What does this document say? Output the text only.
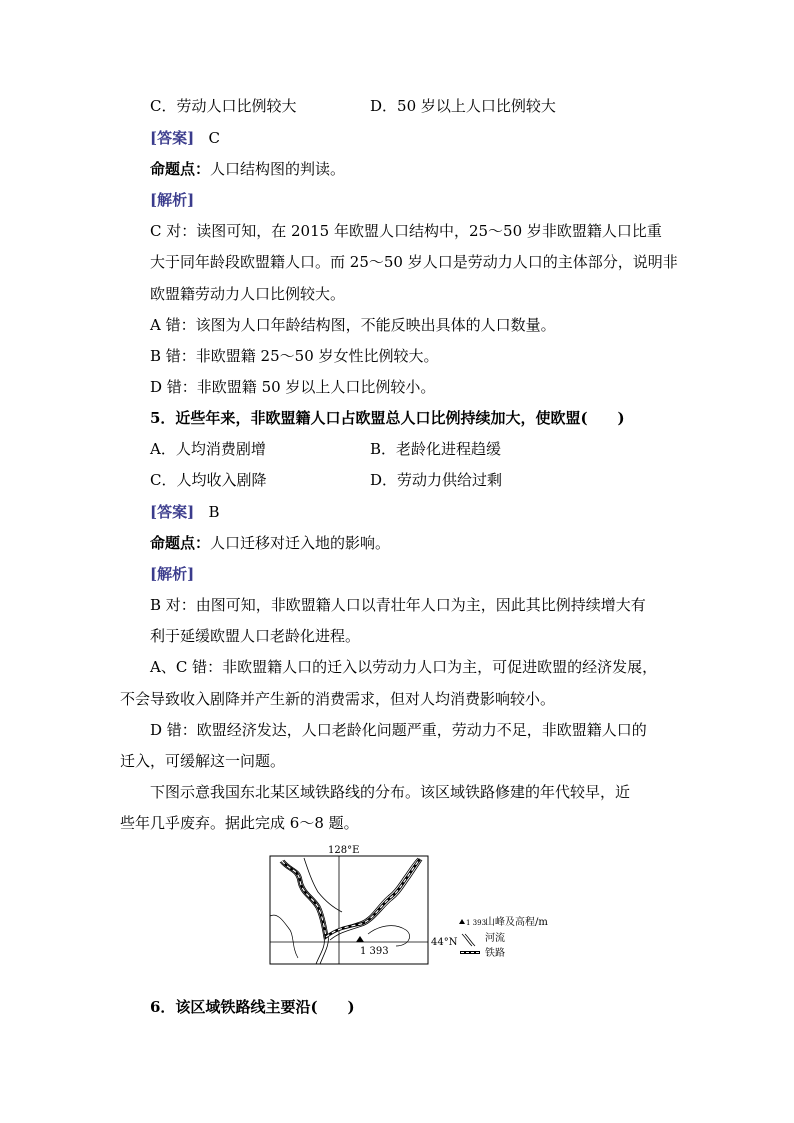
C．劳动人口比例较大	D．50 岁以上人口比例较大
[答案] C
命题点：人口结构图的判读。
[解析]
C 对：读图可知，在 2015 年欧盟人口结构中，25～50 岁非欧盟籍人口比重
大于同年龄段欧盟籍人口。而 25～50 岁人口是劳动力人口的主体部分，说明非
欧盟籍劳动力人口比例较大。
A 错：该图为人口年龄结构图，不能反映出具体的人口数量。
B 错：非欧盟籍 25～50 岁女性比例较大。
D 错：非欧盟籍 50 岁以上人口比例较小。
5．近些年来，非欧盟籍人口占欧盟总人口比例持续加大，使欧盟(　　)
A．人均消费剧增	B．老龄化进程趋缓
C．人均收入剧降	D．劳动力供给过剩
[答案] B
命题点：人口迁移对迁入地的影响。
[解析]
B 对：由图可知，非欧盟籍人口以青壮年人口为主，因此其比例持续增大有
利于延缓欧盟人口老龄化进程。
A、C 错：非欧盟籍人口的迁入以劳动力人口为主，可促进欧盟的经济发展，
不会导致收入剧降并产生新的消费需求，但对人均消费影响较小。
D 错：欧盟经济发达，人口老龄化问题严重，劳动力不足，非欧盟籍人口的
迁入，可缓解这一问题。
下图示意我国东北某区域铁路线的分布。该区域铁路修建的年代较早，近
些年几乎废弃。据此完成 6～8 题。
128°E
44°N
1 393
1 393
山峰及高程/m
河流
铁路
6．该区域铁路线主要沿(　　)
